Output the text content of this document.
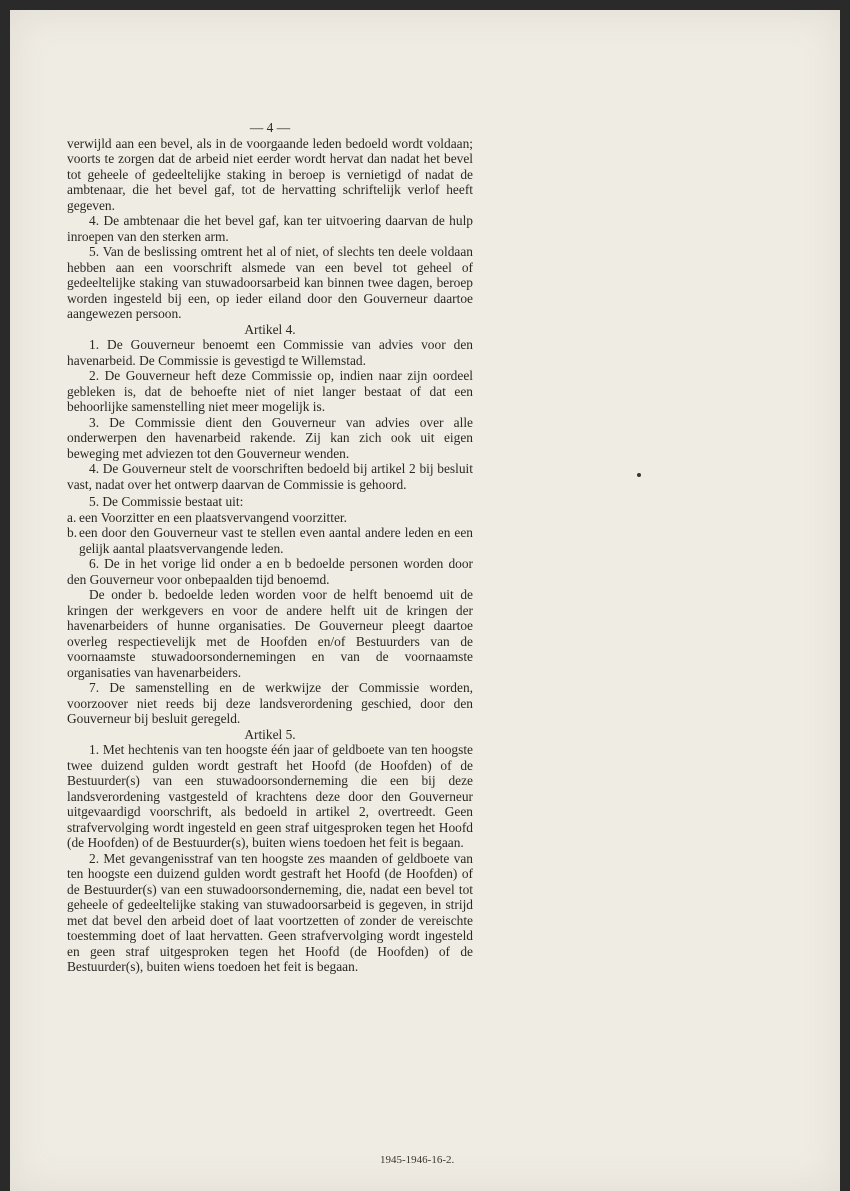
— 4 —

verwijld aan een bevel, als in de voorgaande leden bedoeld wordt voldaan; voorts te zorgen dat de arbeid niet eerder wordt hervat dan nadat het bevel tot geheele of gedeeltelijke staking in beroep is vernietigd of nadat de ambtenaar, die het bevel gaf, tot de hervatting schriftelijk verlof heeft gegeven.

4. De ambtenaar die het bevel gaf, kan ter uitvoering daarvan de hulp inroepen van den sterken arm.

5. Van de beslissing omtrent het al of niet, of slechts ten deele voldaan hebben aan een voorschrift alsmede van een bevel tot geheel of gedeeltelijke staking van stuwadoorsarbeid kan binnen twee dagen, beroep worden ingesteld bij een, op ieder eiland door den Gouverneur daartoe aangewezen persoon.

Artikel 4.

1. De Gouverneur benoemt een Commissie van advies voor den havenarbeid. De Commissie is gevestigd te Willemstad.

2. De Gouverneur heft deze Commissie op, indien naar zijn oordeel gebleken is, dat de behoefte niet of niet langer bestaat of dat een behoorlijke samenstelling niet meer mogelijk is.

3. De Commissie dient den Gouverneur van advies over alle onderwerpen den havenarbeid rakende. Zij kan zich ook uit eigen beweging met adviezen tot den Gouverneur wenden.

4. De Gouverneur stelt de voorschriften bedoeld bij artikel 2 bij besluit vast, nadat over het ontwerp daarvan de Commissie is gehoord.

5. De Commissie bestaat uit:

a. een Voorzitter en een plaatsvervangend voorzitter.
b. een door den Gouverneur vast te stellen even aantal andere leden en een gelijk aantal plaatsvervangende leden.

6. De in het vorige lid onder a en b bedoelde personen worden door den Gouverneur voor onbepaalden tijd benoemd.

De onder b. bedoelde leden worden voor de helft benoemd uit de kringen der werkgevers en voor de andere helft uit de kringen der havenarbeiders of hunne organisaties. De Gouverneur pleegt daartoe overleg respectievelijk met de Hoofden en/of Bestuurders van de voornaamste stuwadoorsondernemingen en van de voornaamste organisaties van havenarbeiders.

7. De samenstelling en de werkwijze der Commissie worden, voorzoover niet reeds bij deze landsverordening geschied, door den Gouverneur bij besluit geregeld.

Artikel 5.

1. Met hechtenis van ten hoogste één jaar of geldboete van ten hoogste twee duizend gulden wordt gestraft het Hoofd (de Hoofden) of de Bestuurder(s) van een stuwadoorsonderneming die een bij deze landsverordening vastgesteld of krachtens deze door den Gouverneur uitgevaardigd voorschrift, als bedoeld in artikel 2, overtreedt. Geen strafvervolging wordt ingesteld en geen straf uitgesproken tegen het Hoofd (de Hoofden) of de Bestuurder(s), buiten wiens toedoen het feit is begaan.

2. Met gevangenisstraf van ten hoogste zes maanden of geldboete van ten hoogste een duizend gulden wordt gestraft het Hoofd (de Hoofden) of de Bestuurder(s) van een stuwadoorsonderneming, die, nadat een bevel tot geheele of gedeeltelijke staking van stuwadoorsarbeid is gegeven, in strijd met dat bevel den arbeid doet of laat voortzetten of zonder de vereischte toestemming doet of laat hervatten. Geen strafvervolging wordt ingesteld en geen straf uitgesproken tegen het Hoofd (de Hoofden) of de Bestuurder(s), buiten wiens toedoen het feit is begaan.

1945-1946-16-2.
